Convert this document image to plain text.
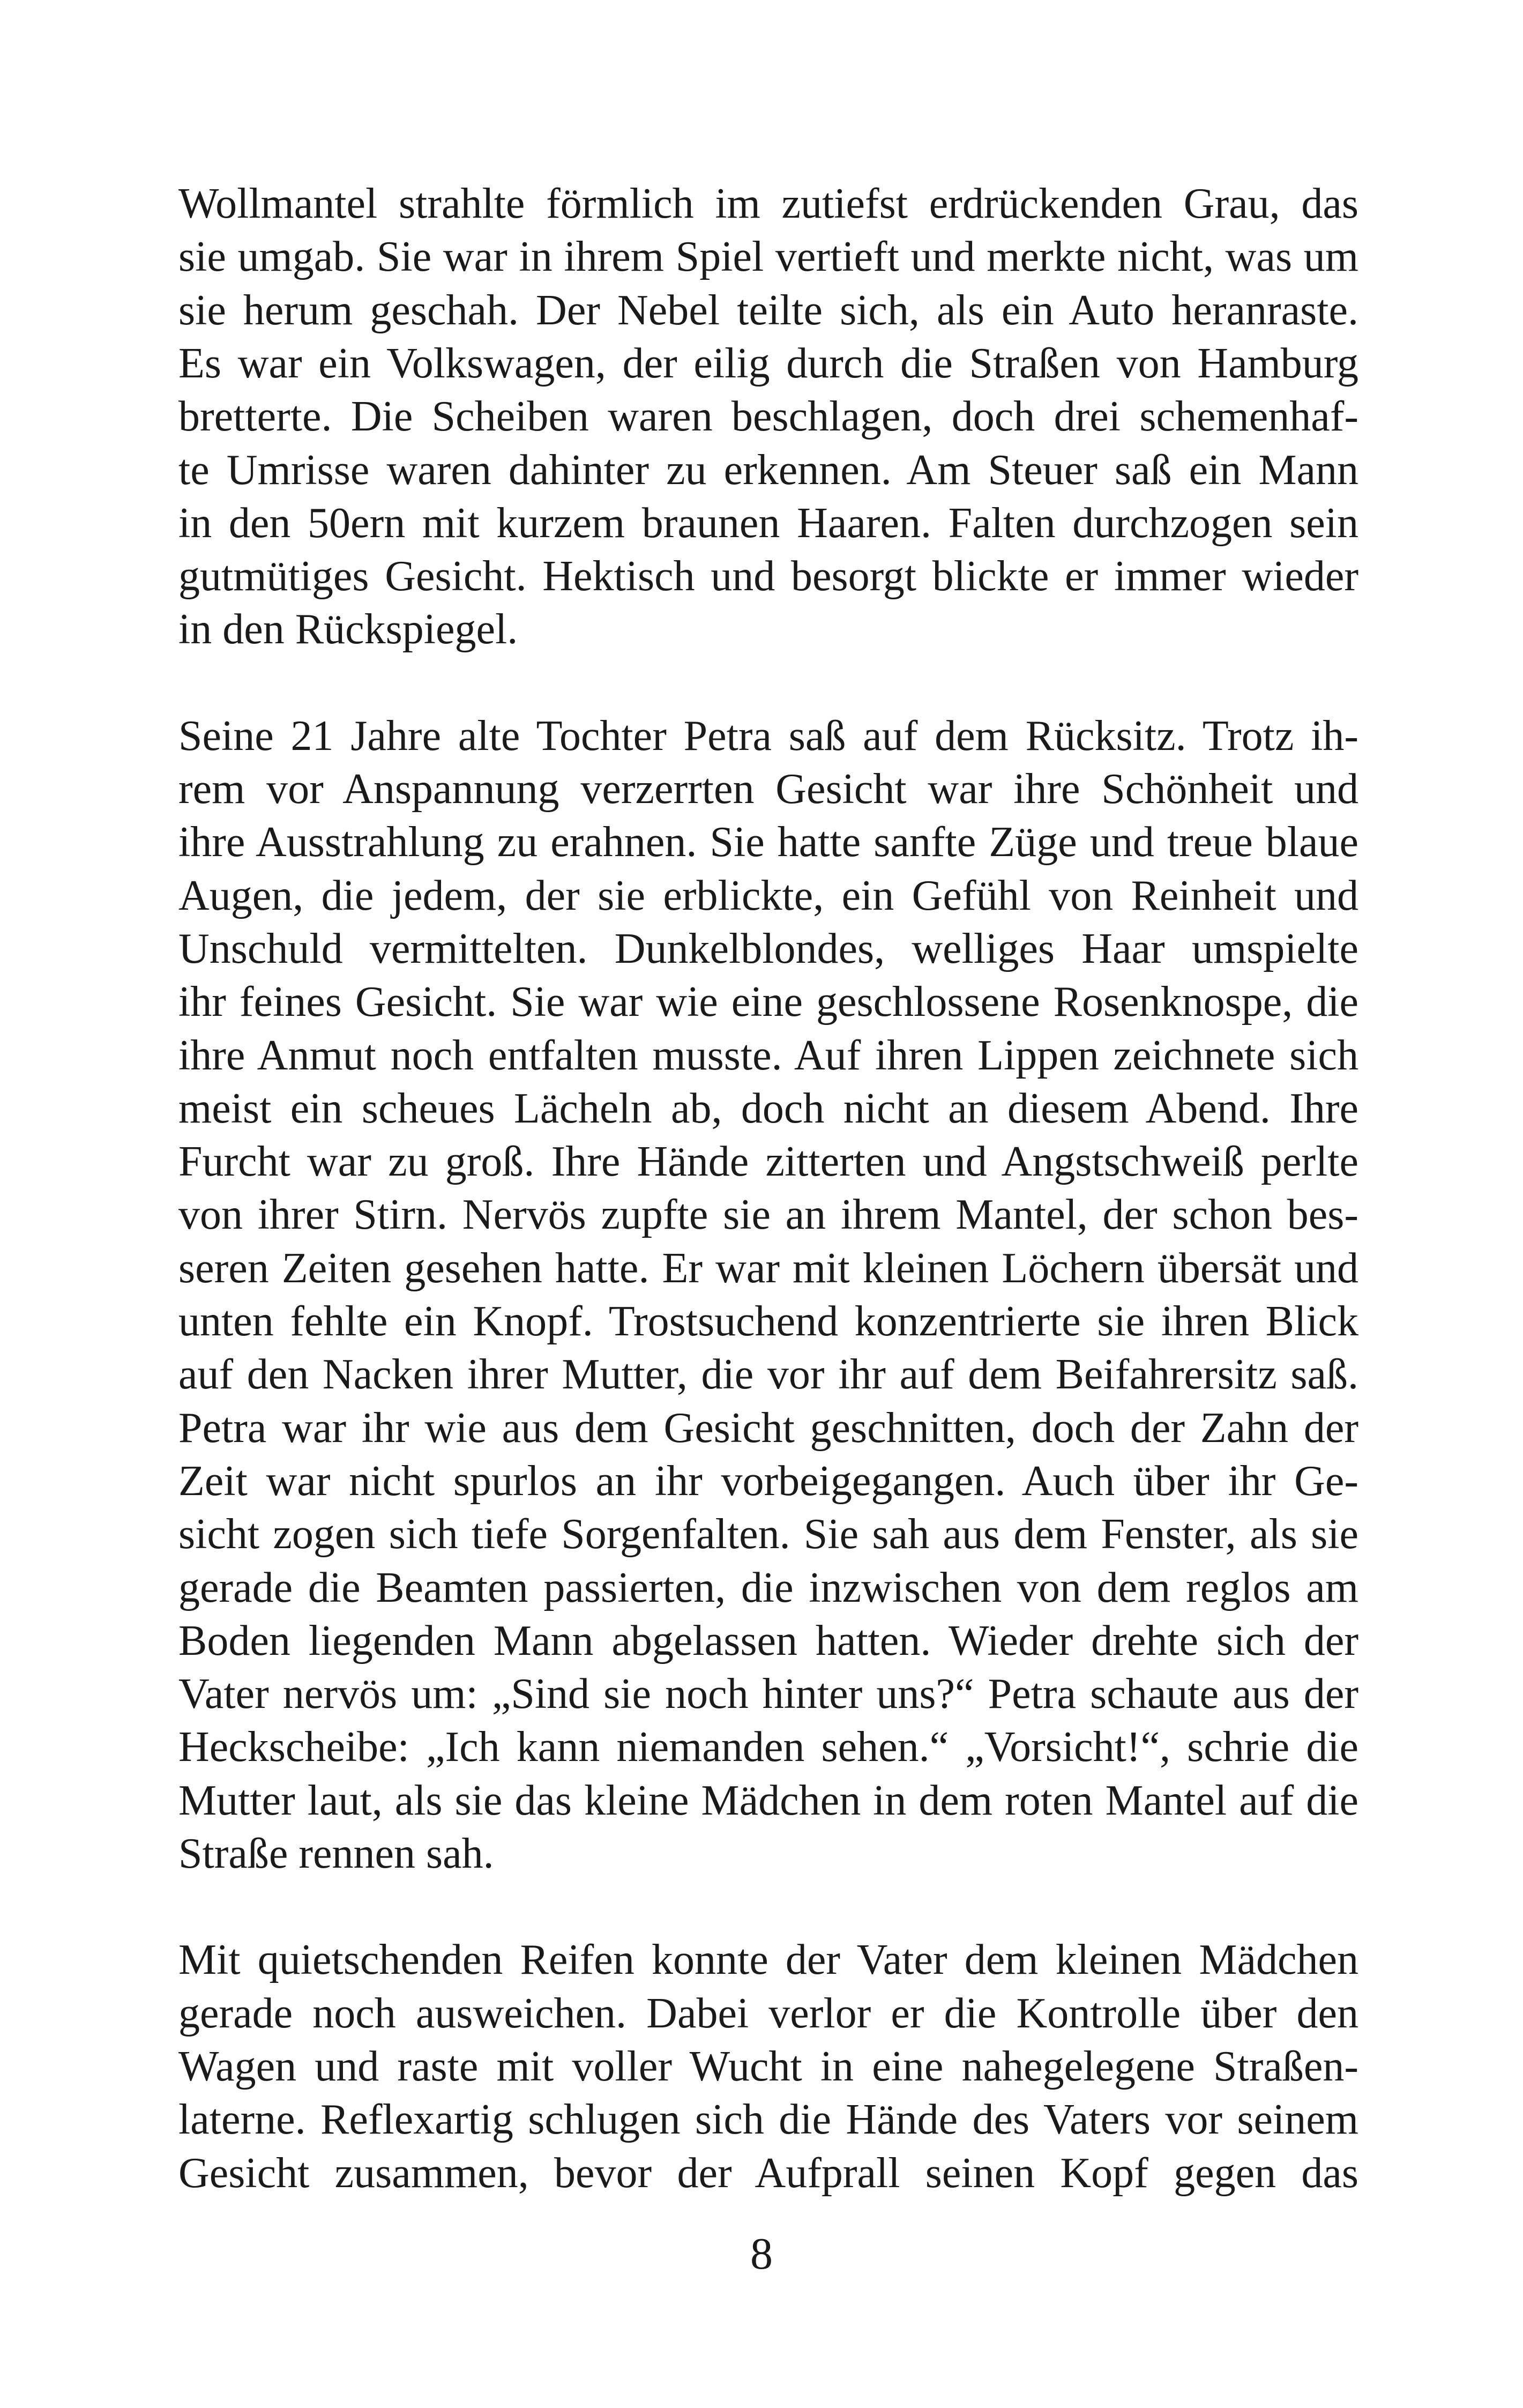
Wollmantel strahlte förmlich im zutiefst erdrückenden Grau, das
sie umgab. Sie war in ihrem Spiel vertieft und merkte nicht, was um
sie herum geschah. Der Nebel teilte sich, als ein Auto heranraste.
Es war ein Volkswagen, der eilig durch die Straßen von Hamburg
bretterte. Die Scheiben waren beschlagen, doch drei schemenhaf-
te Umrisse waren dahinter zu erkennen. Am Steuer saß ein Mann
in den 50ern mit kurzem braunen Haaren. Falten durchzogen sein
gutmütiges Gesicht. Hektisch und besorgt blickte er immer wieder
in den Rückspiegel.
Seine 21 Jahre alte Tochter Petra saß auf dem Rücksitz. Trotz ih-
rem vor Anspannung verzerrten Gesicht war ihre Schönheit und
ihre Ausstrahlung zu erahnen. Sie hatte sanfte Züge und treue blaue
Augen, die jedem, der sie erblickte, ein Gefühl von Reinheit und
Unschuld vermittelten. Dunkelblondes, welliges Haar umspielte
ihr feines Gesicht. Sie war wie eine geschlossene Rosenknospe, die
ihre Anmut noch entfalten musste. Auf ihren Lippen zeichnete sich
meist ein scheues Lächeln ab, doch nicht an diesem Abend. Ihre
Furcht war zu groß. Ihre Hände zitterten und Angstschweiß perlte
von ihrer Stirn. Nervös zupfte sie an ihrem Mantel, der schon bes-
seren Zeiten gesehen hatte. Er war mit kleinen Löchern übersät und
unten fehlte ein Knopf. Trostsuchend konzentrierte sie ihren Blick
auf den Nacken ihrer Mutter, die vor ihr auf dem Beifahrersitz saß.
Petra war ihr wie aus dem Gesicht geschnitten, doch der Zahn der
Zeit war nicht spurlos an ihr vorbeigegangen. Auch über ihr Ge-
sicht zogen sich tiefe Sorgenfalten. Sie sah aus dem Fenster, als sie
gerade die Beamten passierten, die inzwischen von dem reglos am
Boden liegenden Mann abgelassen hatten. Wieder drehte sich der
Vater nervös um: „Sind sie noch hinter uns?“ Petra schaute aus der
Heckscheibe: „Ich kann niemanden sehen.“ „Vorsicht!“, schrie die
Mutter laut, als sie das kleine Mädchen in dem roten Mantel auf die
Straße rennen sah.
Mit quietschenden Reifen konnte der Vater dem kleinen Mädchen
gerade noch ausweichen. Dabei verlor er die Kontrolle über den
Wagen und raste mit voller Wucht in eine nahegelegene Straßen-
laterne. Reflexartig schlugen sich die Hände des Vaters vor seinem
Gesicht zusammen, bevor der Aufprall seinen Kopf gegen das
8
